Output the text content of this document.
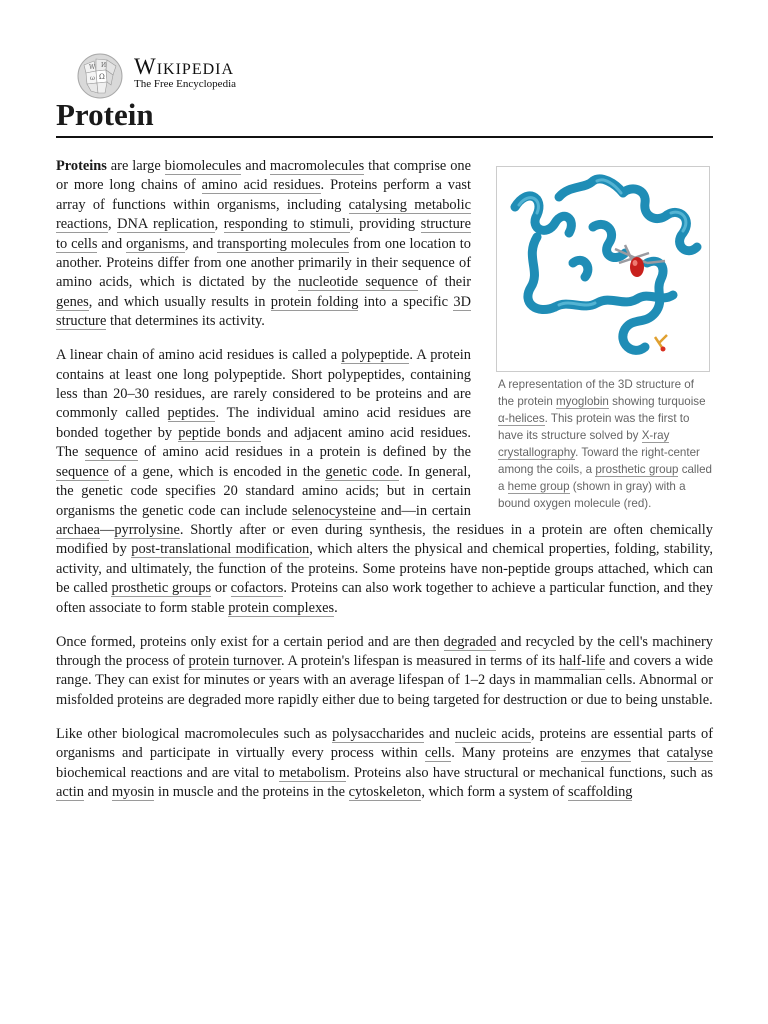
Ω
W И
ω Wikipedia
The Free Encyclopedia
Protein
A representation of the 3D structure of the protein myoglobin showing turquoise α-helices. This protein was the first to have its structure solved by X-ray crystallography. Toward the right-center among the coils, a prosthetic group called a heme group (shown in gray) with a bound oxygen molecule (red).

Proteins are large biomolecules and macromolecules that comprise one or more long chains of amino acid residues. Proteins perform a vast array of functions within organisms, including catalysing metabolic reactions, DNA replication, responding to stimuli, providing structure to cells and organisms, and transporting molecules from one location to another. Proteins differ from one another primarily in their sequence of amino acids, which is dictated by the nucleotide sequence of their genes, and which usually results in protein folding into a specific 3D structure that determines its activity.

A linear chain of amino acid residues is called a polypeptide. A protein contains at least one long polypeptide. Short polypeptides, containing less than 20–30 residues, are rarely considered to be proteins and are commonly called peptides. The individual amino acid residues are bonded together by peptide bonds and adjacent amino acid residues. The sequence of amino acid residues in a protein is defined by the sequence of a gene, which is encoded in the genetic code. In general, the genetic code specifies 20 standard amino acids; but in certain organisms the genetic code can include selenocysteine and—in certain archaea—pyrrolysine. Shortly after or even during synthesis, the residues in a protein are often chemically modified by post-translational modification, which alters the physical and chemical properties, folding, stability, activity, and ultimately, the function of the proteins. Some proteins have non-peptide groups attached, which can be called prosthetic groups or cofactors. Proteins can also work together to achieve a particular function, and they often associate to form stable protein complexes.

Once formed, proteins only exist for a certain period and are then degraded and recycled by the cell's machinery through the process of protein turnover. A protein's lifespan is measured in terms of its half-life and covers a wide range. They can exist for minutes or years with an average lifespan of 1–2 days in mammalian cells. Abnormal or misfolded proteins are degraded more rapidly either due to being targeted for destruction or due to being unstable.

Like other biological macromolecules such as polysaccharides and nucleic acids, proteins are essential parts of organisms and participate in virtually every process within cells. Many proteins are enzymes that catalyse biochemical reactions and are vital to metabolism. Proteins also have structural or mechanical functions, such as actin and myosin in muscle and the proteins in the cytoskeleton, which form a system of scaffolding
